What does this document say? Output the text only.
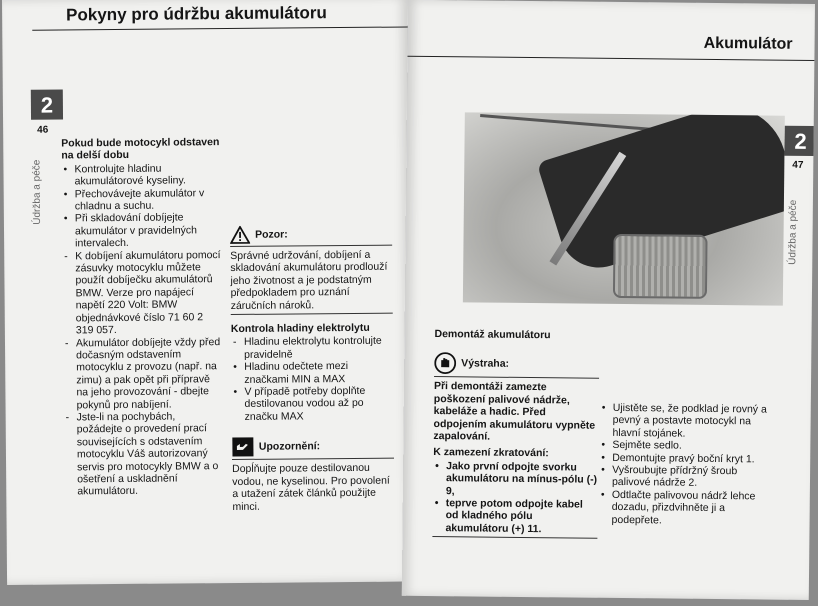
Pokyny pro údržbu akumulátoru
2
46
Údržba a péče
Pokud bude motocykl odstaven na delší dobu
• Kontrolujte hladinu akumulátorové kyseliny.
• Přechovávejte akumulátor v chladnu a suchu.
• Při skladování dobíjejte akumulátor v pravidelných intervalech.
- K dobíjení akumulátoru pomocí zásuvky motocyklu můžete použít dobíječku akumulátorů BMW. Verze pro napájecí napětí 220 Volt: BMW objednávkové číslo 71 60 2 319 057.
- Akumulátor dobíjejte vždy před dočasným odstavením motocyklu z provozu (např. na zimu) a pak opět při přípravě na jeho provozování - dbejte pokynů pro nabíjení.
- Jste-li na pochybách, požádejte o provedení prací souvisejících s odstavením motocyklu Váš autorizovaný servis pro motocykly BMW a o ošetření a uskladnění akumulátoru.
Pozor:

Správné udržování, dobíjení a skladování akumulátoru prodlouží jeho životnost a je podstatným předpokladem pro uznání záručních nároků.

Kontrola hladiny elektrolytu
- Hladinu elektrolytu kontrolujte pravidelně
• Hladinu odečtete mezi značkami MIN a MAX
• V případě potřeby doplňte destilovanou vodou až po značku MAX
Upozornění:

Dopĺňujte pouze destilovanou vodou, ne kyselinou. Pro povolení a utažení zátek článků použijte minci.

Akumulátor
2
47
Údržba a péče
Demontáž akumulátoru
Výstraha:

Při demontáži zamezte poškození palivové nádrže, kabeláže a hadic. Před odpojením akumulátoru vypněte zapalování.

K zamezení zkratování:
• Jako první odpojte svorku akumulátoru na mínus-pólu (-) 9,
• teprve potom odpojte kabel od kladného pólu akumulátoru (+) 11.
• Ujistěte se, že podklad je rovný a pevný a postavte motocykl na hlavní stojánek.
• Sejměte sedlo.
• Demontujte pravý boční kryt 1.
• Vyšroubujte přídržný šroub palivové nádrže 2.
• Odtlačte palivovou nádrž lehce dozadu, přizdvihněte ji a podepřete.
